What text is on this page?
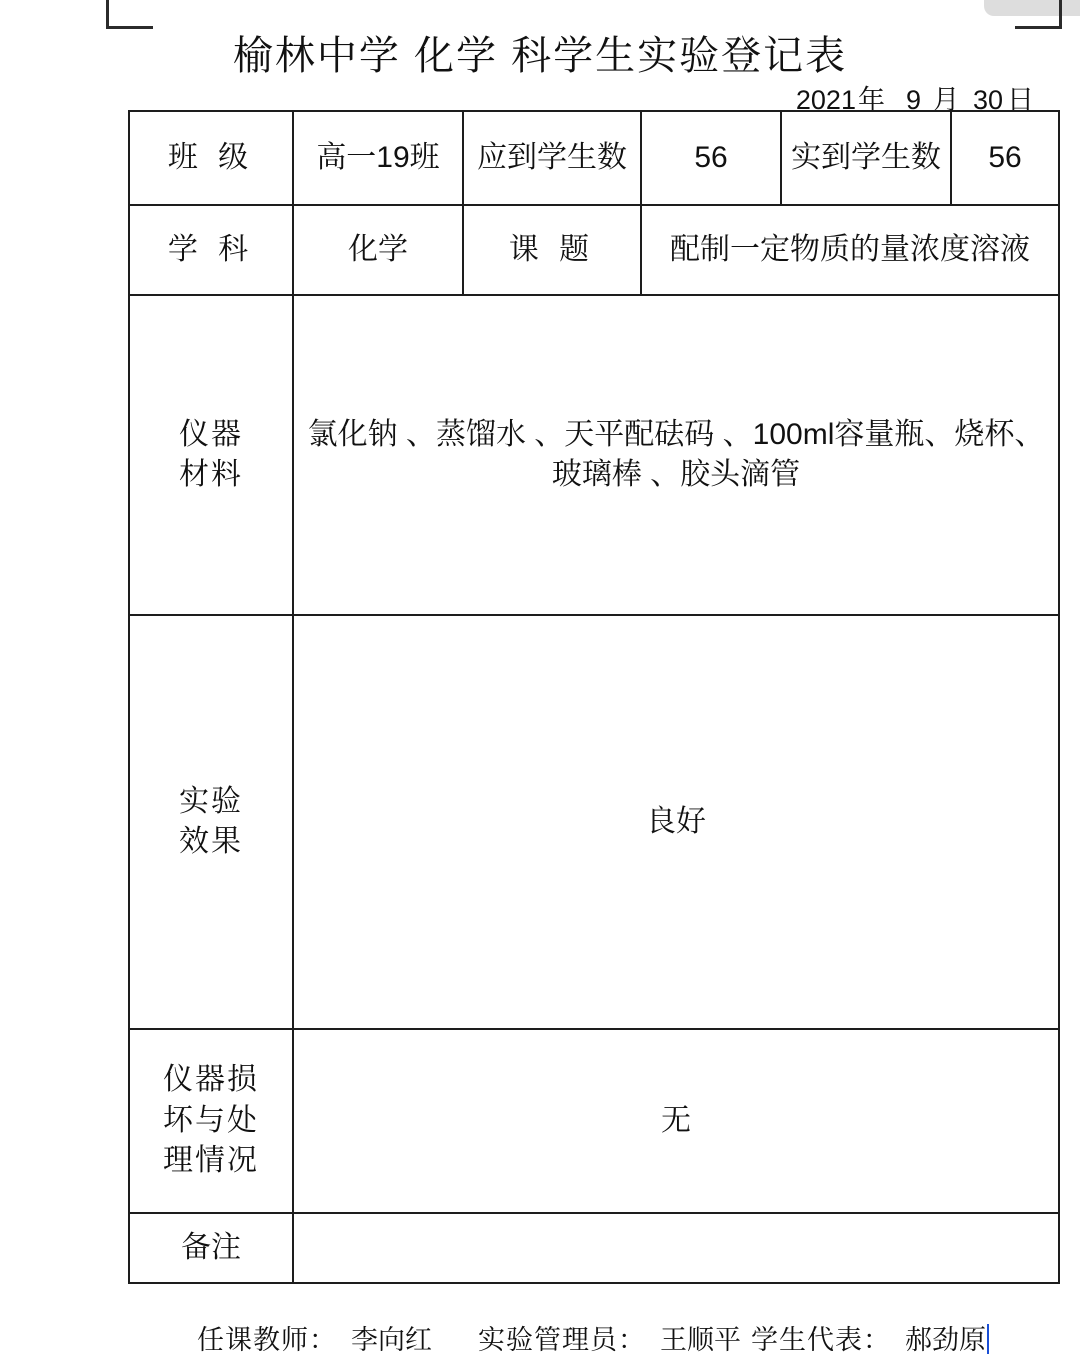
榆林中学 化学 科学生实验登记表
2021年 9 月 30 日
班 级	高一19班	应到学生数	56	实到学生数	56
学 科	化学	课 题	配制一定物质的量浓度溶液		

仪器
材料	氯化钠 、蒸馏水 、天平配砝码 、100ml容量瓶、烧杯、玻璃棒 、胶头滴管				

实验
效果	良好				

仪器损
坏与处
理情况	无				
备注					
任课教师： 李向红 实验管理员： 王顺平 学生代表： 郝劲原
